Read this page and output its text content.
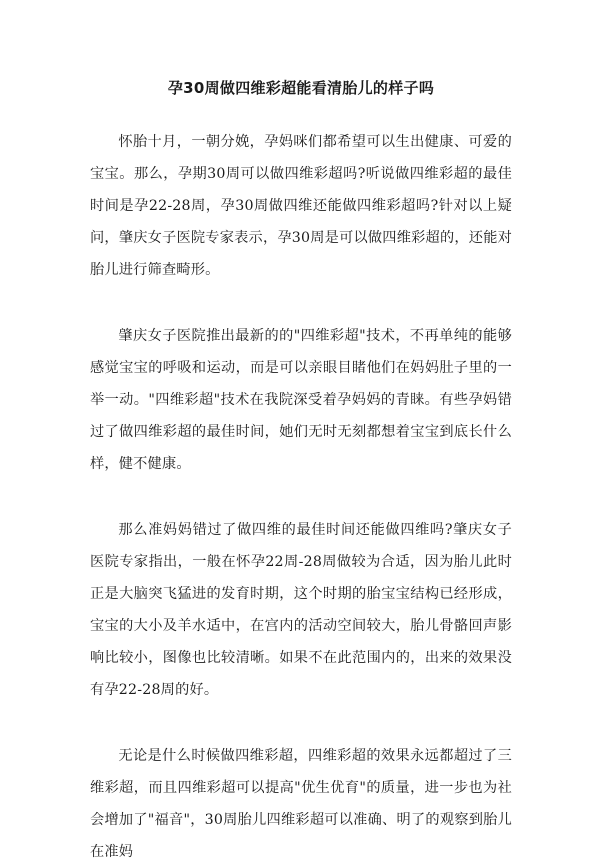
孕30周做四维彩超能看清胎儿的样子吗

怀胎十月，一朝分娩，孕妈咪们都希望可以生出健康、可爱的宝宝。那么，孕期30周可以做四维彩超吗?听说做四维彩超的最佳时间是孕22-28周，孕30周做四维还能做四维彩超吗?针对以上疑问，肇庆女子医院专家表示，孕30周是可以做四维彩超的，还能对胎儿进行筛查畸形。

肇庆女子医院推出最新的的"四维彩超"技术，不再单纯的能够感觉宝宝的呼吸和运动，而是可以亲眼目睹他们在妈妈肚子里的一举一动。"四维彩超"技术在我院深受着孕妈妈的青睐。有些孕妈错过了做四维彩超的最佳时间，她们无时无刻都想着宝宝到底长什么样，健不健康。

那么准妈妈错过了做四维的最佳时间还能做四维吗?肇庆女子医院专家指出，一般在怀孕22周-28周做较为合适，因为胎儿此时正是大脑突飞猛进的发育时期，这个时期的胎宝宝结构已经形成，宝宝的大小及羊水适中，在宫内的活动空间较大，胎儿骨骼回声影响比较小，图像也比较清晰。如果不在此范围内的，出来的效果没有孕22-28周的好。

无论是什么时候做四维彩超，四维彩超的效果永远都超过了三维彩超，而且四维彩超可以提高"优生优育"的质量，进一步也为社会增加了"福音"，30周胎儿四维彩超可以准确、明了的观察到胎儿在准妈
